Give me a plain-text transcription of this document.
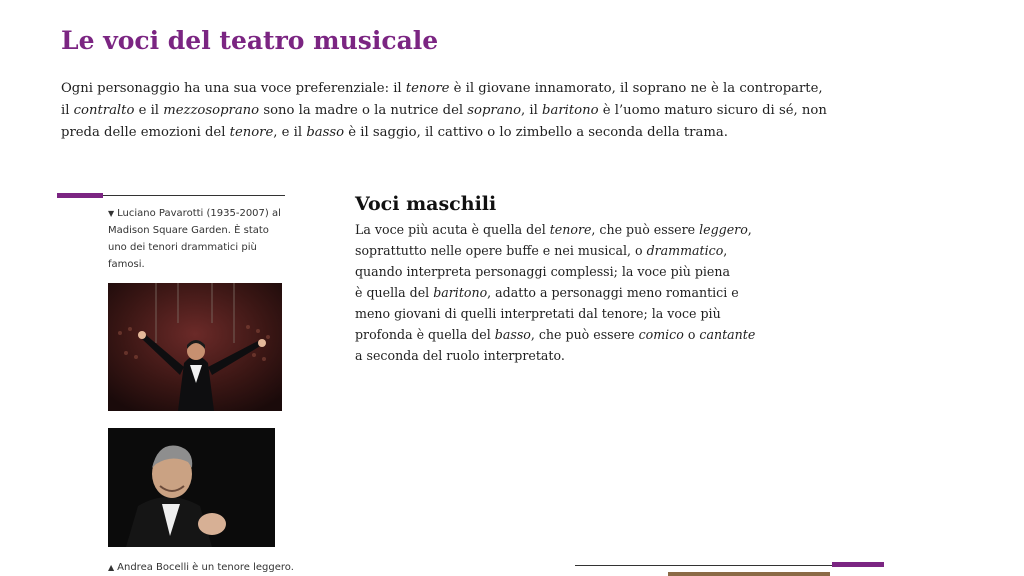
Le voci del teatro musicale

Ogni personaggio ha una sua voce preferenziale: il tenore è il giovane innamorato, il soprano ne è la controparte,
il contralto e il mezzosoprano sono la madre o la nutrice del soprano, il baritono è l’uomo maturo sicuro di sé, non
preda delle emozioni del tenore, e il basso è il saggio, il cattivo o lo zimbello a seconda della trama.

▼ Luciano Pavarotti (1935-2007) al
Madison Square Garden. È stato
uno dei tenori drammatici più
famosi.

▲ Andrea Bocelli è un tenore leggero.

Voci maschili

La voce più acuta è quella del tenore, che può essere leggero,
soprattutto nelle opere buffe e nei musical, o drammatico,
quando interpreta personaggi complessi; la voce più piena
è quella del baritono, adatto a personaggi meno romantici e
meno giovani di quelli interpretati dal tenore; la voce più
profonda è quella del basso, che può essere comico o cantante
a seconda del ruolo interpretato.
